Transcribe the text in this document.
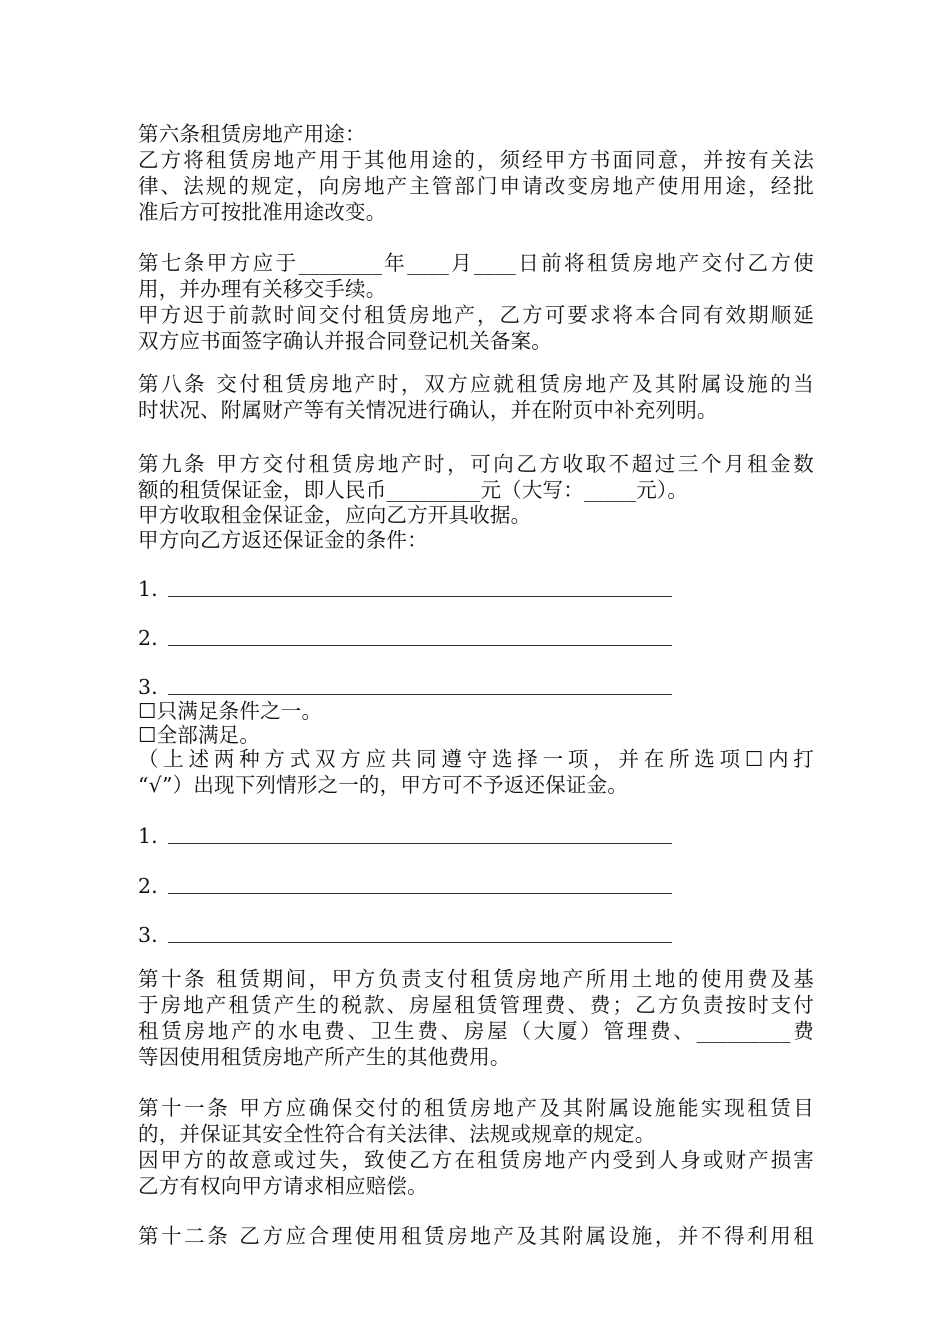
第六条租赁房地产用途：
乙方将租赁房地产用于其他用途的，须经甲方书面同意，并按有关法
律、法规的规定，向房地产主管部门申请改变房地产使用用途，经批
准后方可按批准用途改变。
第七条甲方应于________年____月____日前将租赁房地产交付乙方使
用，并办理有关移交手续。
甲方迟于前款时间交付租赁房地产，乙方可要求将本合同有效期顺延
双方应书面签字确认并报合同登记机关备案。
第八条 交付租赁房地产时，双方应就租赁房地产及其附属设施的当
时状况、附属财产等有关情况进行确认，并在附页中补充列明。
第九条 甲方交付租赁房地产时，可向乙方收取不超过三个月租金数
额的租赁保证金，即人民币_________元（大写：_____元）。
甲方收取租金保证金，应向乙方开具收据。
甲方向乙方返还保证金的条件：
1．
2．
3．
☐只满足条件之一。
☐全部满足。
（上述两种方式双方应共同遵守选择一项，并在所选项☐内打
“√”）出现下列情形之一的，甲方可不予返还保证金。
1．
2．
3．
第十条 租赁期间，甲方负责支付租赁房地产所用土地的使用费及基
于房地产租赁产生的税款、房屋租赁管理费、费；乙方负责按时支付
租赁房地产的水电费、卫生费、房屋（大厦）管理费、_________费
等因使用租赁房地产所产生的其他费用。
第十一条 甲方应确保交付的租赁房地产及其附属设施能实现租赁目
的，并保证其安全性符合有关法律、法规或规章的规定。
因甲方的故意或过失，致使乙方在租赁房地产内受到人身或财产损害
乙方有权向甲方请求相应赔偿。
第十二条 乙方应合理使用租赁房地产及其附属设施，并不得利用租
